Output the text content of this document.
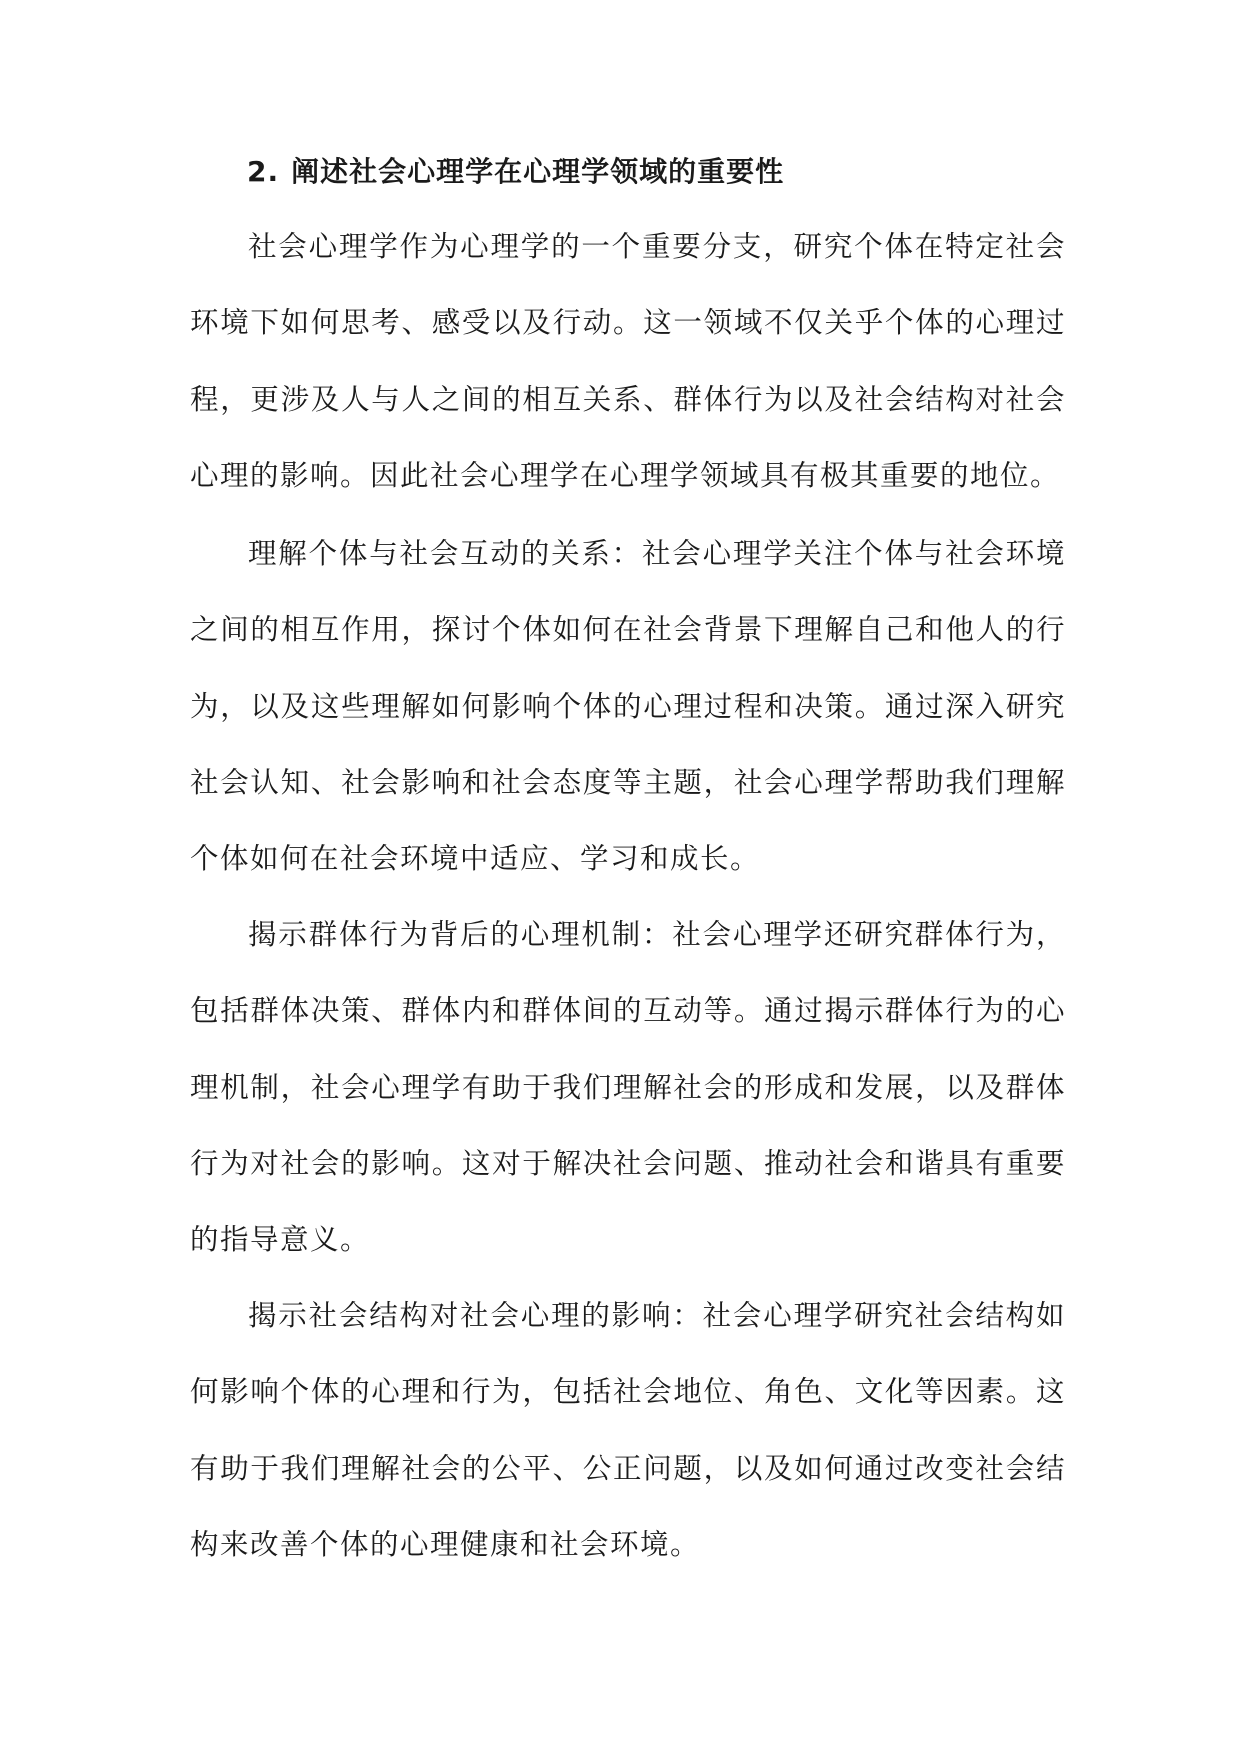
2. 阐述社会心理学在心理学领域的重要性

社会心理学作为心理学的一个重要分支，研究个体在特定社会环境下如何思考、感受以及行动。这一领域不仅关乎个体的心理过程，更涉及人与人之间的相互关系、群体行为以及社会结构对社会心理的影响。因此社会心理学在心理学领域具有极其重要的地位。

理解个体与社会互动的关系：社会心理学关注个体与社会环境之间的相互作用，探讨个体如何在社会背景下理解自己和他人的行为，以及这些理解如何影响个体的心理过程和决策。通过深入研究社会认知、社会影响和社会态度等主题，社会心理学帮助我们理解个体如何在社会环境中适应、学习和成长。

揭示群体行为背后的心理机制：社会心理学还研究群体行为，包括群体决策、群体内和群体间的互动等。通过揭示群体行为的心理机制，社会心理学有助于我们理解社会的形成和发展，以及群体行为对社会的影响。这对于解决社会问题、推动社会和谐具有重要的指导意义。

揭示社会结构对社会心理的影响：社会心理学研究社会结构如何影响个体的心理和行为，包括社会地位、角色、文化等因素。这有助于我们理解社会的公平、公正问题，以及如何通过改变社会结构来改善个体的心理健康和社会环境。
